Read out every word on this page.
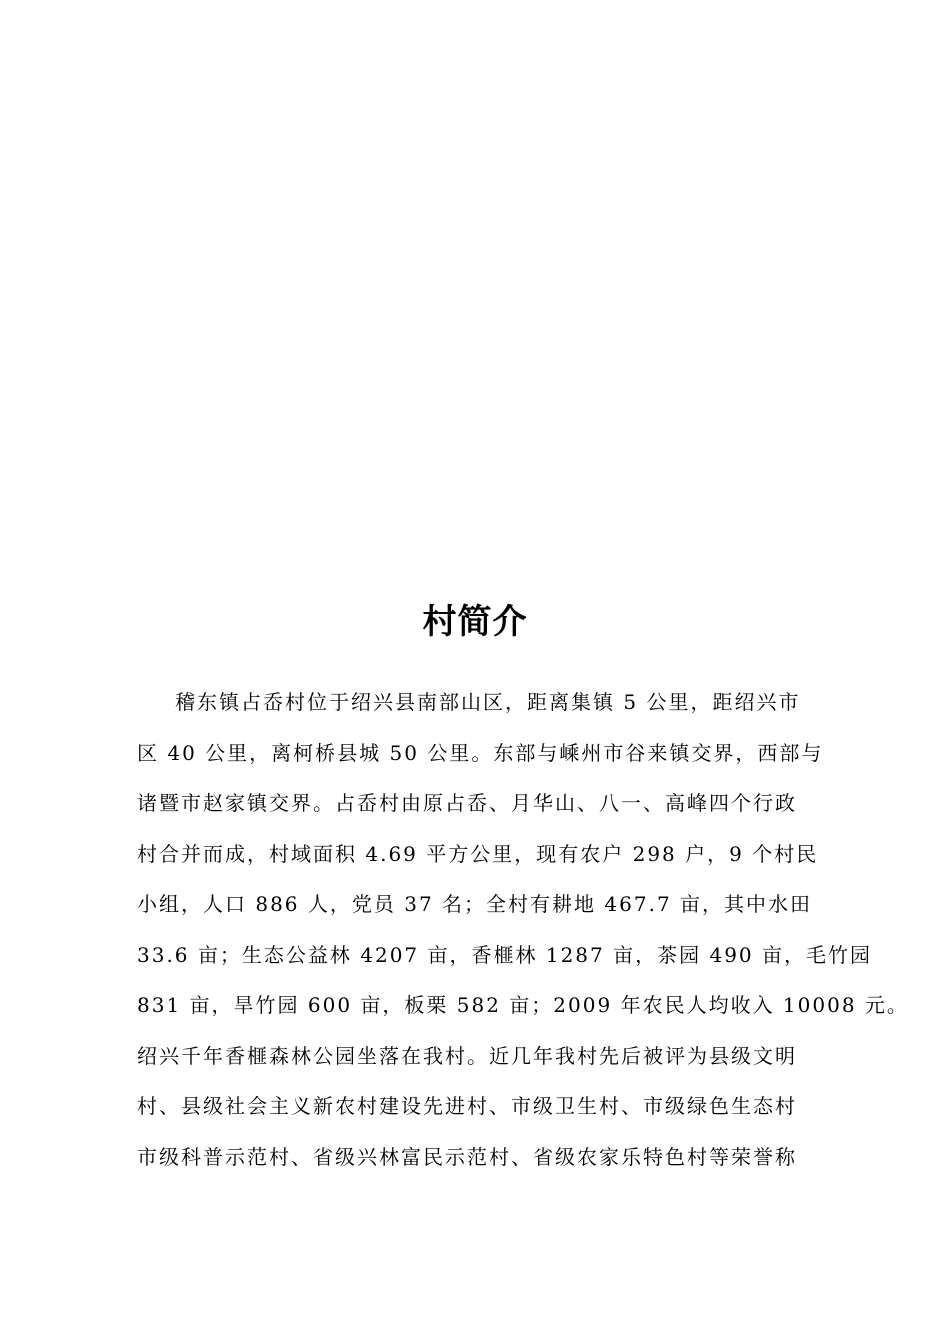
村简介
稽东镇占岙村位于绍兴县南部山区，距离集镇 5 公里，距绍兴市
区 40 公里，离柯桥县城 50 公里。东部与嵊州市谷来镇交界，西部与
诸暨市赵家镇交界。占岙村由原占岙、月华山、八一、高峰四个行政
村合并而成，村域面积 4.69 平方公里，现有农户 298 户，9 个村民
小组，人口 886 人，党员 37 名；全村有耕地 467.7 亩，其中水田
33.6 亩；生态公益林 4207 亩，香榧林 1287 亩，茶园 490 亩，毛竹园
831 亩，旱竹园 600 亩，板栗 582 亩；2009 年农民人均收入 10008 元。
绍兴千年香榧森林公园坐落在我村。近几年我村先后被评为县级文明
村、县级社会主义新农村建设先进村、市级卫生村、市级绿色生态村
市级科普示范村、省级兴林富民示范村、省级农家乐特色村等荣誉称
